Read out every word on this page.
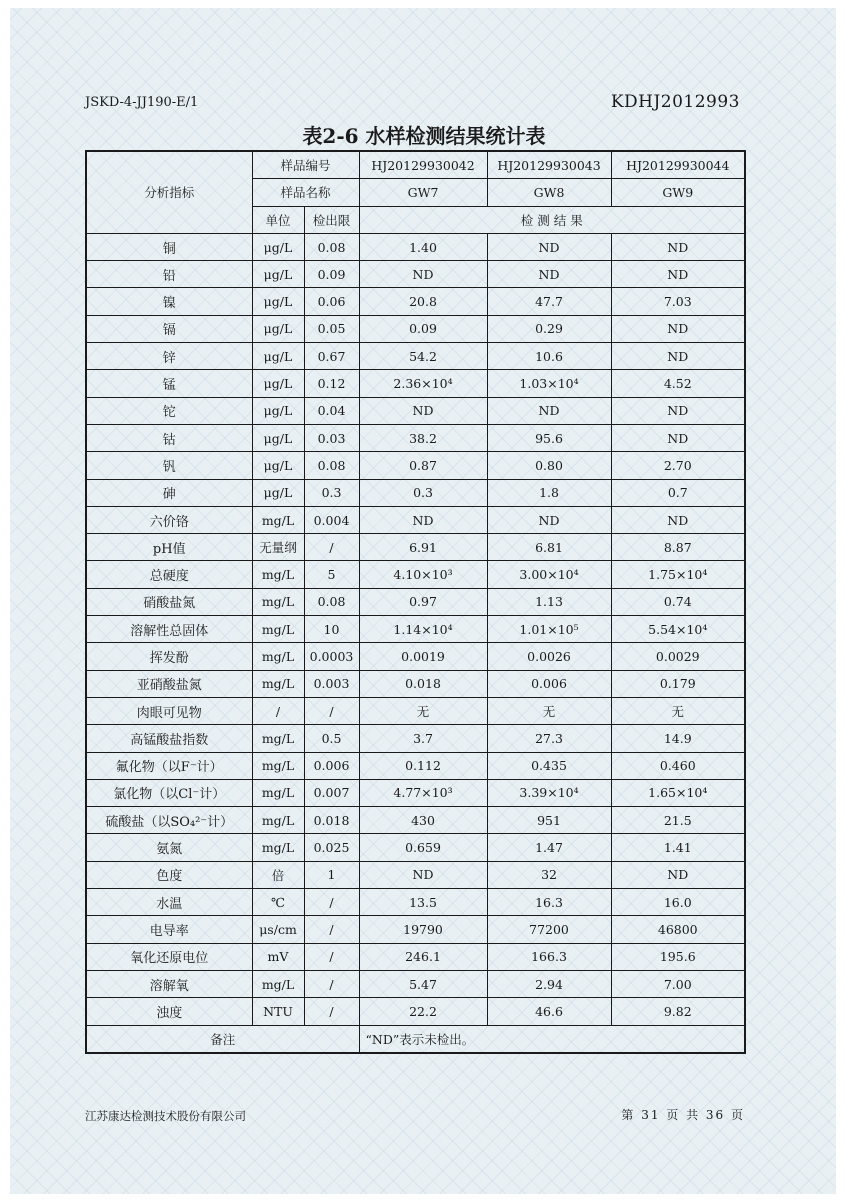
JSKD-4-JJ190-E/1	KDHJ2012993
表2-6 水样检测结果统计表
分析指标	样品编号		HJ20129930042	HJ20129930043	HJ20129930044
	样品名称		GW7	GW8	GW9
	单位	检出限	检 测 结 果		
铜	μg/L	0.08	1.40	ND	ND
铅	μg/L	0.09	ND	ND	ND
镍	μg/L	0.06	20.8	47.7	7.03
镉	μg/L	0.05	0.09	0.29	ND
锌	μg/L	0.67	54.2	10.6	ND
锰	μg/L	0.12	2.36×10⁴	1.03×10⁴	4.52
铊	μg/L	0.04	ND	ND	ND
钴	μg/L	0.03	38.2	95.6	ND
钒	μg/L	0.08	0.87	0.80	2.70
砷	μg/L	0.3	0.3	1.8	0.7
六价铬	mg/L	0.004	ND	ND	ND
pH值	无量纲	/	6.91	6.81	8.87
总硬度	mg/L	5	4.10×10³	3.00×10⁴	1.75×10⁴
硝酸盐氮	mg/L	0.08	0.97	1.13	0.74
溶解性总固体	mg/L	10	1.14×10⁴	1.01×10⁵	5.54×10⁴
挥发酚	mg/L	0.0003	0.0019	0.0026	0.0029
亚硝酸盐氮	mg/L	0.003	0.018	0.006	0.179
肉眼可见物	/	/	无	无	无
高锰酸盐指数	mg/L	0.5	3.7	27.3	14.9
氟化物（以F⁻计）	mg/L	0.006	0.112	0.435	0.460
氯化物（以Cl⁻计）	mg/L	0.007	4.77×10³	3.39×10⁴	1.65×10⁴
硫酸盐（以SO₄²⁻计）	mg/L	0.018	430	951	21.5
氨氮	mg/L	0.025	0.659	1.47	1.41
色度	倍	1	ND	32	ND
水温	℃	/	13.5	16.3	16.0
电导率	μs/cm	/	19790	77200	46800
氧化还原电位	mV	/	246.1	166.3	195.6
溶解氧	mg/L	/	5.47	2.94	7.00
浊度	NTU	/	22.2	46.6	9.82
备注			“ND”表示未检出。		
江苏康达检测技术股份有限公司	第 31 页 共 36 页
